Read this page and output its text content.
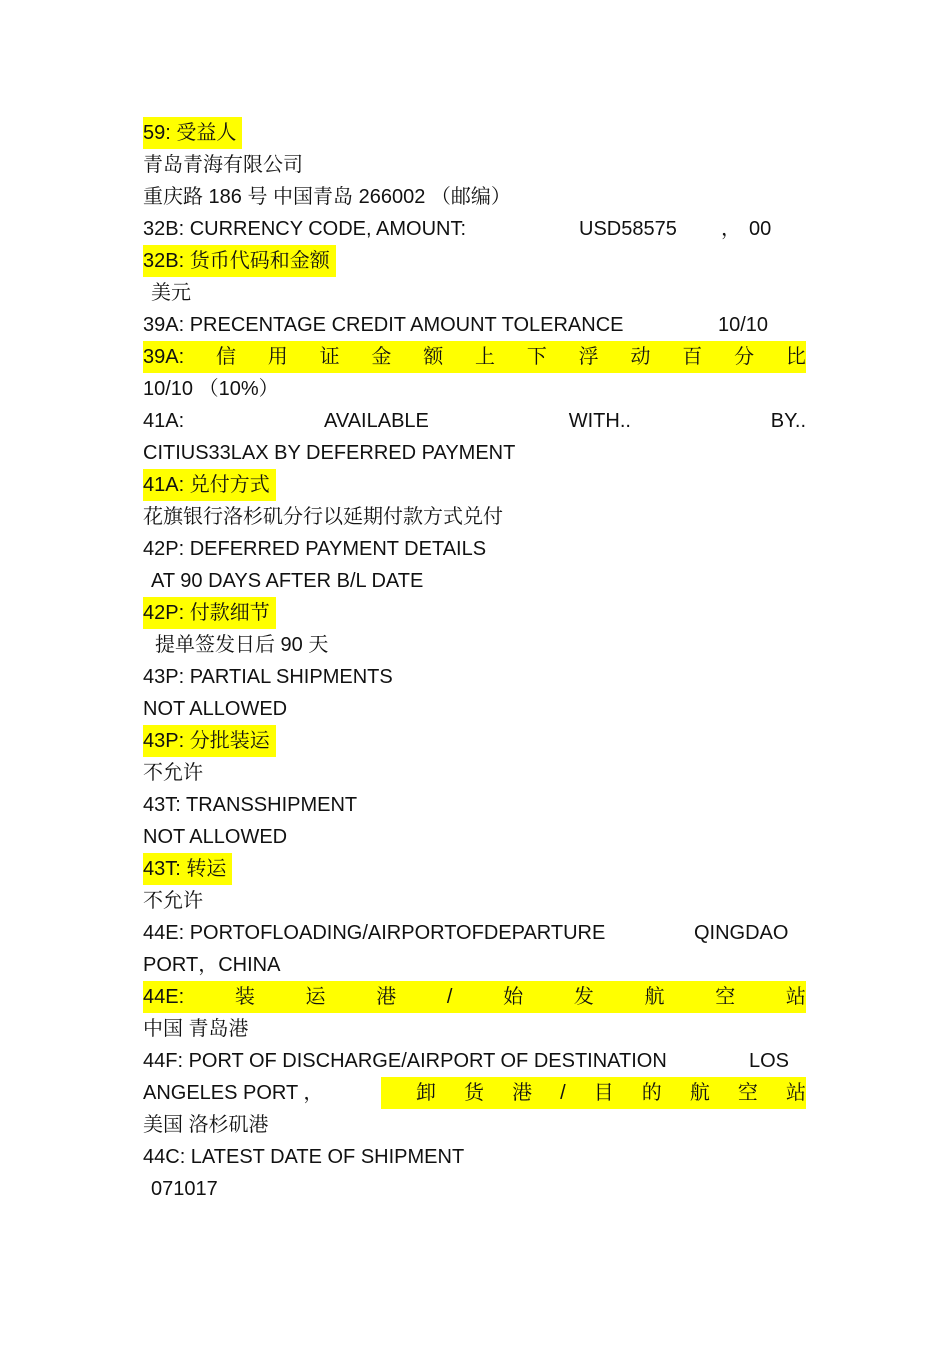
59: 受益人
青岛青海有限公司
重庆路 186 号 中国青岛 266002 （邮编）
32B: CURRENCY CODE, AMOUNT:	USD58575 ， 00
32B: 货币代码和金额
美元
39A: PRECENTAGE CREDIT AMOUNT TOLERANCE	10/10
39A: 信 用 证 金 额 上 下 浮 动 百 分 比
10/10 （10%）
41A:	AVAILABLE	WITH..	BY..
CITIUS33LAX BY DEFERRED PAYMENT
41A: 兑付方式
花旗银行洛杉矶分行以延期付款方式兑付
42P: DEFERRED PAYMENT DETAILS
AT 90 DAYS AFTER B/L DATE
42P: 付款细节
提单签发日后 90 天
43P: PARTIAL SHIPMENTS
NOT ALLOWED
43P: 分批装运
不允许
43T: TRANSSHIPMENT
NOT ALLOWED
43T: 转运
不允许
44E: PORTOFLOADING/AIRPORTOFDEPARTURE	QINGDAO
PORT，CHINA
44E:	装	运	港	/	始	发	航	空	站
中国 青岛港
44F: PORT OF DISCHARGE/AIRPORT OF DESTINATION	LOS
ANGELES PORT ，	卸 货 港 / 目 的 航 空 站
美国 洛杉矶港
44C: LATEST DATE OF SHIPMENT
071017
